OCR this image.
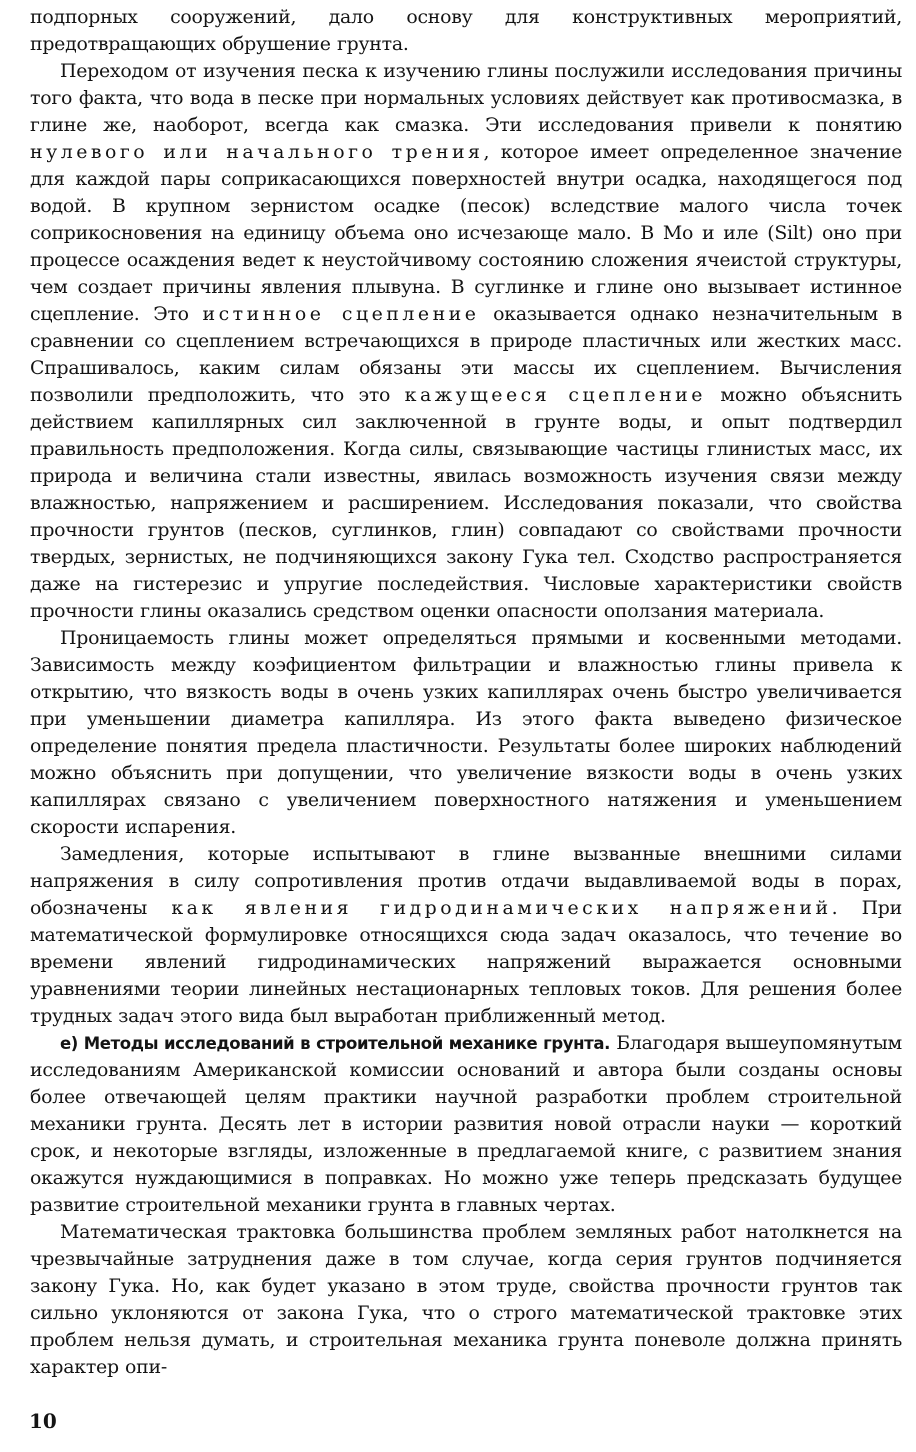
подпорных сооружений, дало основу для конструктивных мероприятий, предотвращающих обрушение грунта.

Переходом от изучения песка к изучению глины послужили исследования причины того факта, что вода в песке при нормальных условиях действует как противосмазка, в глине же, наоборот, всегда как смазка. Эти исследования привели к понятию нулевого или начального трения, которое имеет определенное значение для каждой пары соприкасающихся поверхностей внутри осадка, находящегося под водой. В крупном зернистом осадке (песок) вследствие малого числа точек соприкосновения на единицу объема оно исчезающе мало. В Мо и иле (Silt) оно при процессе осаждения ведет к неустойчивому состоянию сложения ячеистой структуры, чем создает причины явления плывуна. В суглинке и глине оно вызывает истинное сцепление. Это истинное сцепление оказывается однако незначительным в сравнении со сцеплением встречающихся в природе пластичных или жестких масс. Спрашивалось, каким силам обязаны эти массы их сцеплением. Вычисления позволили предположить, что это кажущееся сцепление можно объяснить действием капиллярных сил заключенной в грунте воды, и опыт подтвердил правильность предположения. Когда силы, связывающие частицы глинистых масс, их природа и величина стали известны, явилась возможность изучения связи между влажностью, напряжением и расширением. Исследования показали, что свойства прочности грунтов (песков, суглинков, глин) совпадают со свойствами прочности твердых, зернистых, не подчиняющихся закону Гука тел. Сходство распространяется даже на гистерезис и упругие последействия. Числовые характеристики свойств прочности глины оказались средством оценки опасности оползания материала.

Проницаемость глины может определяться прямыми и косвенными методами. Зависимость между коэфициентом фильтрации и влажностью глины привела к открытию, что вязкость воды в очень узких капиллярах очень быстро увеличивается при уменьшении диаметра капилляра. Из этого факта выведено физическое определение понятия предела пластичности. Результаты более широких наблюдений можно объяснить при допущении, что увеличение вязкости воды в очень узких капиллярах связано с увеличением поверхностного натяжения и уменьшением скорости испарения.

Замедления, которые испытывают в глине вызванные внешними силами напряжения в силу сопротивления против отдачи выдавливаемой воды в порах, обозначены как явления гидродинамических напряжений. При математической формулировке относящихся сюда задач оказалось, что течение во времени явлений гидродинамических напряжений выражается основными уравнениями теории линейных нестационарных тепловых токов. Для решения более трудных задач этого вида был выработан приближенный метод.

е) Методы исследований в строительной механике грунта. Благодаря вышеупомянутым исследованиям Американской комиссии оснований и автора были созданы основы более отвечающей целям практики научной разработки проблем строительной механики грунта. Десять лет в истории развития новой отрасли науки — короткий срок, и некоторые взгляды, изложенные в предлагаемой книге, с развитием знания окажутся нуждающимися в поправках. Но можно уже теперь предсказать будущее развитие строительной механики грунта в главных чертах.

Математическая трактовка большинства проблем земляных работ натолкнется на чрезвычайные затруднения даже в том случае, когда серия грунтов подчиняется закону Гука. Но, как будет указано в этом труде, свойства прочности грунтов так сильно уклоняются от закона Гука, что о строго математической трактовке этих проблем нельзя думать, и строительная механика грунта поневоле должна принять характер опи-

10
